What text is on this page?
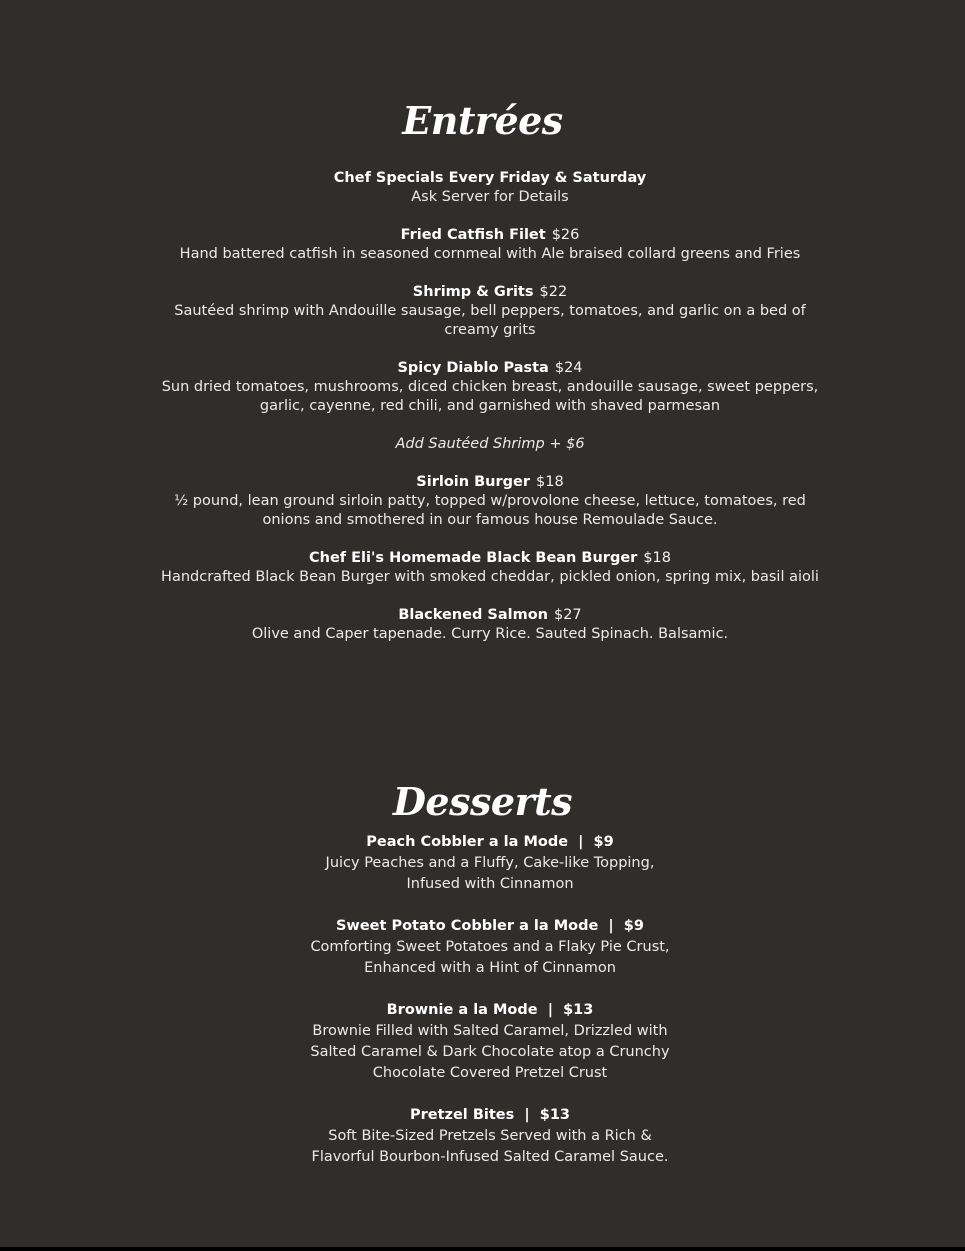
Entrées
Chef Specials Every Friday & Saturday
Ask Server for Details
Fried Catfish Filet $26
Hand battered catfish in seasoned cornmeal with Ale braised collard greens and Fries
Shrimp & Grits $22
Sautéed shrimp with Andouille sausage, bell peppers, tomatoes, and garlic on a bed of creamy grits
Spicy Diablo Pasta $24
Sun dried tomatoes, mushrooms, diced chicken breast, andouille sausage, sweet peppers, garlic, cayenne, red chili, and garnished with shaved parmesan
Add Sautéed Shrimp + $6
Sirloin Burger $18
½ pound, lean ground sirloin patty, topped w/provolone cheese, lettuce, tomatoes, red onions and smothered in our famous house Remoulade Sauce.
Chef Eli's Homemade Black Bean Burger $18
Handcrafted Black Bean Burger with smoked cheddar, pickled onion, spring mix, basil aioli
Blackened Salmon $27
Olive and Caper tapenade. Curry Rice. Sauted Spinach. Balsamic.
Desserts
Peach Cobbler a la Mode  |  $9
Juicy Peaches and a Fluffy, Cake-like Topping,
Infused with Cinnamon
Sweet Potato Cobbler a la Mode  |  $9
Comforting Sweet Potatoes and a Flaky Pie Crust,
Enhanced with a Hint of Cinnamon
Brownie a la Mode  |  $13
Brownie Filled with Salted Caramel, Drizzled with
Salted Caramel & Dark Chocolate atop a Crunchy
Chocolate Covered Pretzel Crust
Pretzel Bites  |  $13
Soft Bite-Sized Pretzels Served with a Rich &
Flavorful Bourbon-Infused Salted Caramel Sauce.
